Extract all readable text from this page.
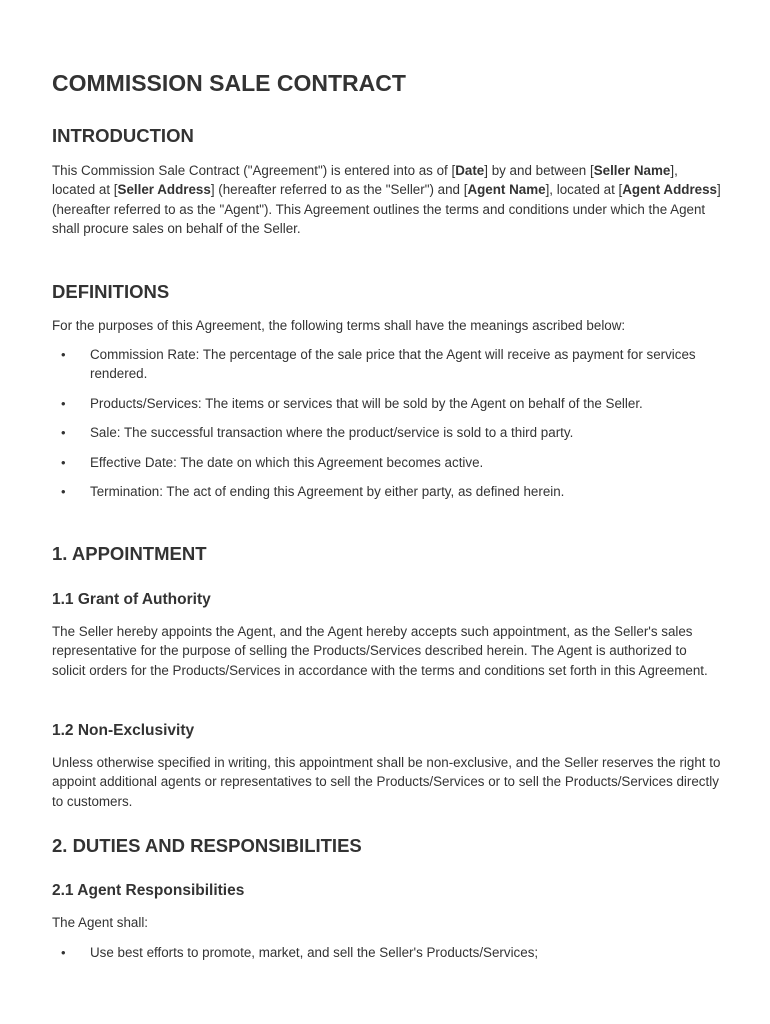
COMMISSION SALE CONTRACT
INTRODUCTION

This Commission Sale Contract ("Agreement") is entered into as of [Date] by and between [Seller Name], located at [Seller Address] (hereafter referred to as the "Seller") and [Agent Name], located at [Agent Address] (hereafter referred to as the "Agent"). This Agreement outlines the terms and conditions under which the Agent shall procure sales on behalf of the Seller.

DEFINITIONS

For the purposes of this Agreement, the following terms shall have the meanings ascribed below:

• Commission Rate: The percentage of the sale price that the Agent will receive as payment for services rendered.
• Products/Services: The items or services that will be sold by the Agent on behalf of the Seller.
• Sale: The successful transaction where the product/service is sold to a third party.
• Effective Date: The date on which this Agreement becomes active.
• Termination: The act of ending this Agreement by either party, as defined herein.
1. APPOINTMENT
1.1 Grant of Authority

The Seller hereby appoints the Agent, and the Agent hereby accepts such appointment, as the Seller's sales representative for the purpose of selling the Products/Services described herein. The Agent is authorized to solicit orders for the Products/Services in accordance with the terms and conditions set forth in this Agreement.

1.2 Non-Exclusivity

Unless otherwise specified in writing, this appointment shall be non-exclusive, and the Seller reserves the right to appoint additional agents or representatives to sell the Products/Services or to sell the Products/Services directly to customers.

2. DUTIES AND RESPONSIBILITIES
2.1 Agent Responsibilities

The Agent shall:

• Use best efforts to promote, market, and sell the Seller's Products/Services;
